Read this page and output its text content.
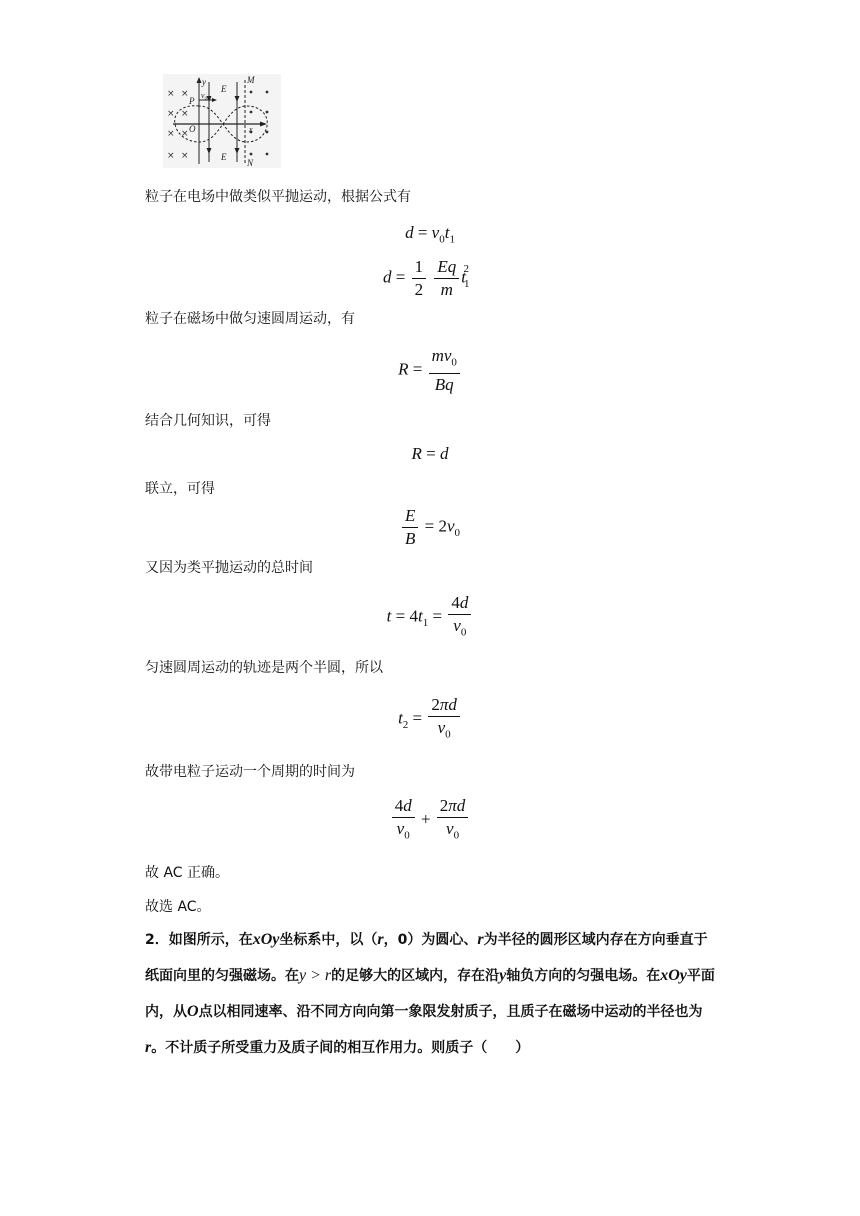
× ×
× ×
× ×
× ×
y
E
E
M
N
x
P
v₀
O
粒子在电场中做类似平抛运动，根据公式有
$d = v_0t_1$
$d = \frac{1}{2}$
$\frac{Eq}{m} t_1^2$
粒子在磁场中做匀速圆周运动，有
$R = \frac{mv_0}{Bq}$
结合几何知识，可得
R = d
联立，可得
$\frac{E}{B} = 2v_0$
又因为类平抛运动的总时间
$t = 4t_1 = \frac{4d}{v_0}$
匀速圆周运动的轨迹是两个半圆，所以
$t_2 = \frac{2\pi d}{v_0}$
故带电粒子运动一个周期的时间为
$\frac{4d}{v_0} + \frac{2\pi d}{v_0}$
故 AC 正确。
故选 AC。
2．如图所示，在xOy坐标系中，以（r，0）为圆心、r为半径的圆形区域内存在方向垂直于纸面向里的匀强磁场。在y > r的足够大的区域内，存在沿y轴负方向的匀强电场。在xOy平面内，从O点以相同速率、沿不同方向向第一象限发射质子，且质子在磁场中运动的半径也为r。不计质子所受重力及质子间的相互作用力。则质子（　　）
